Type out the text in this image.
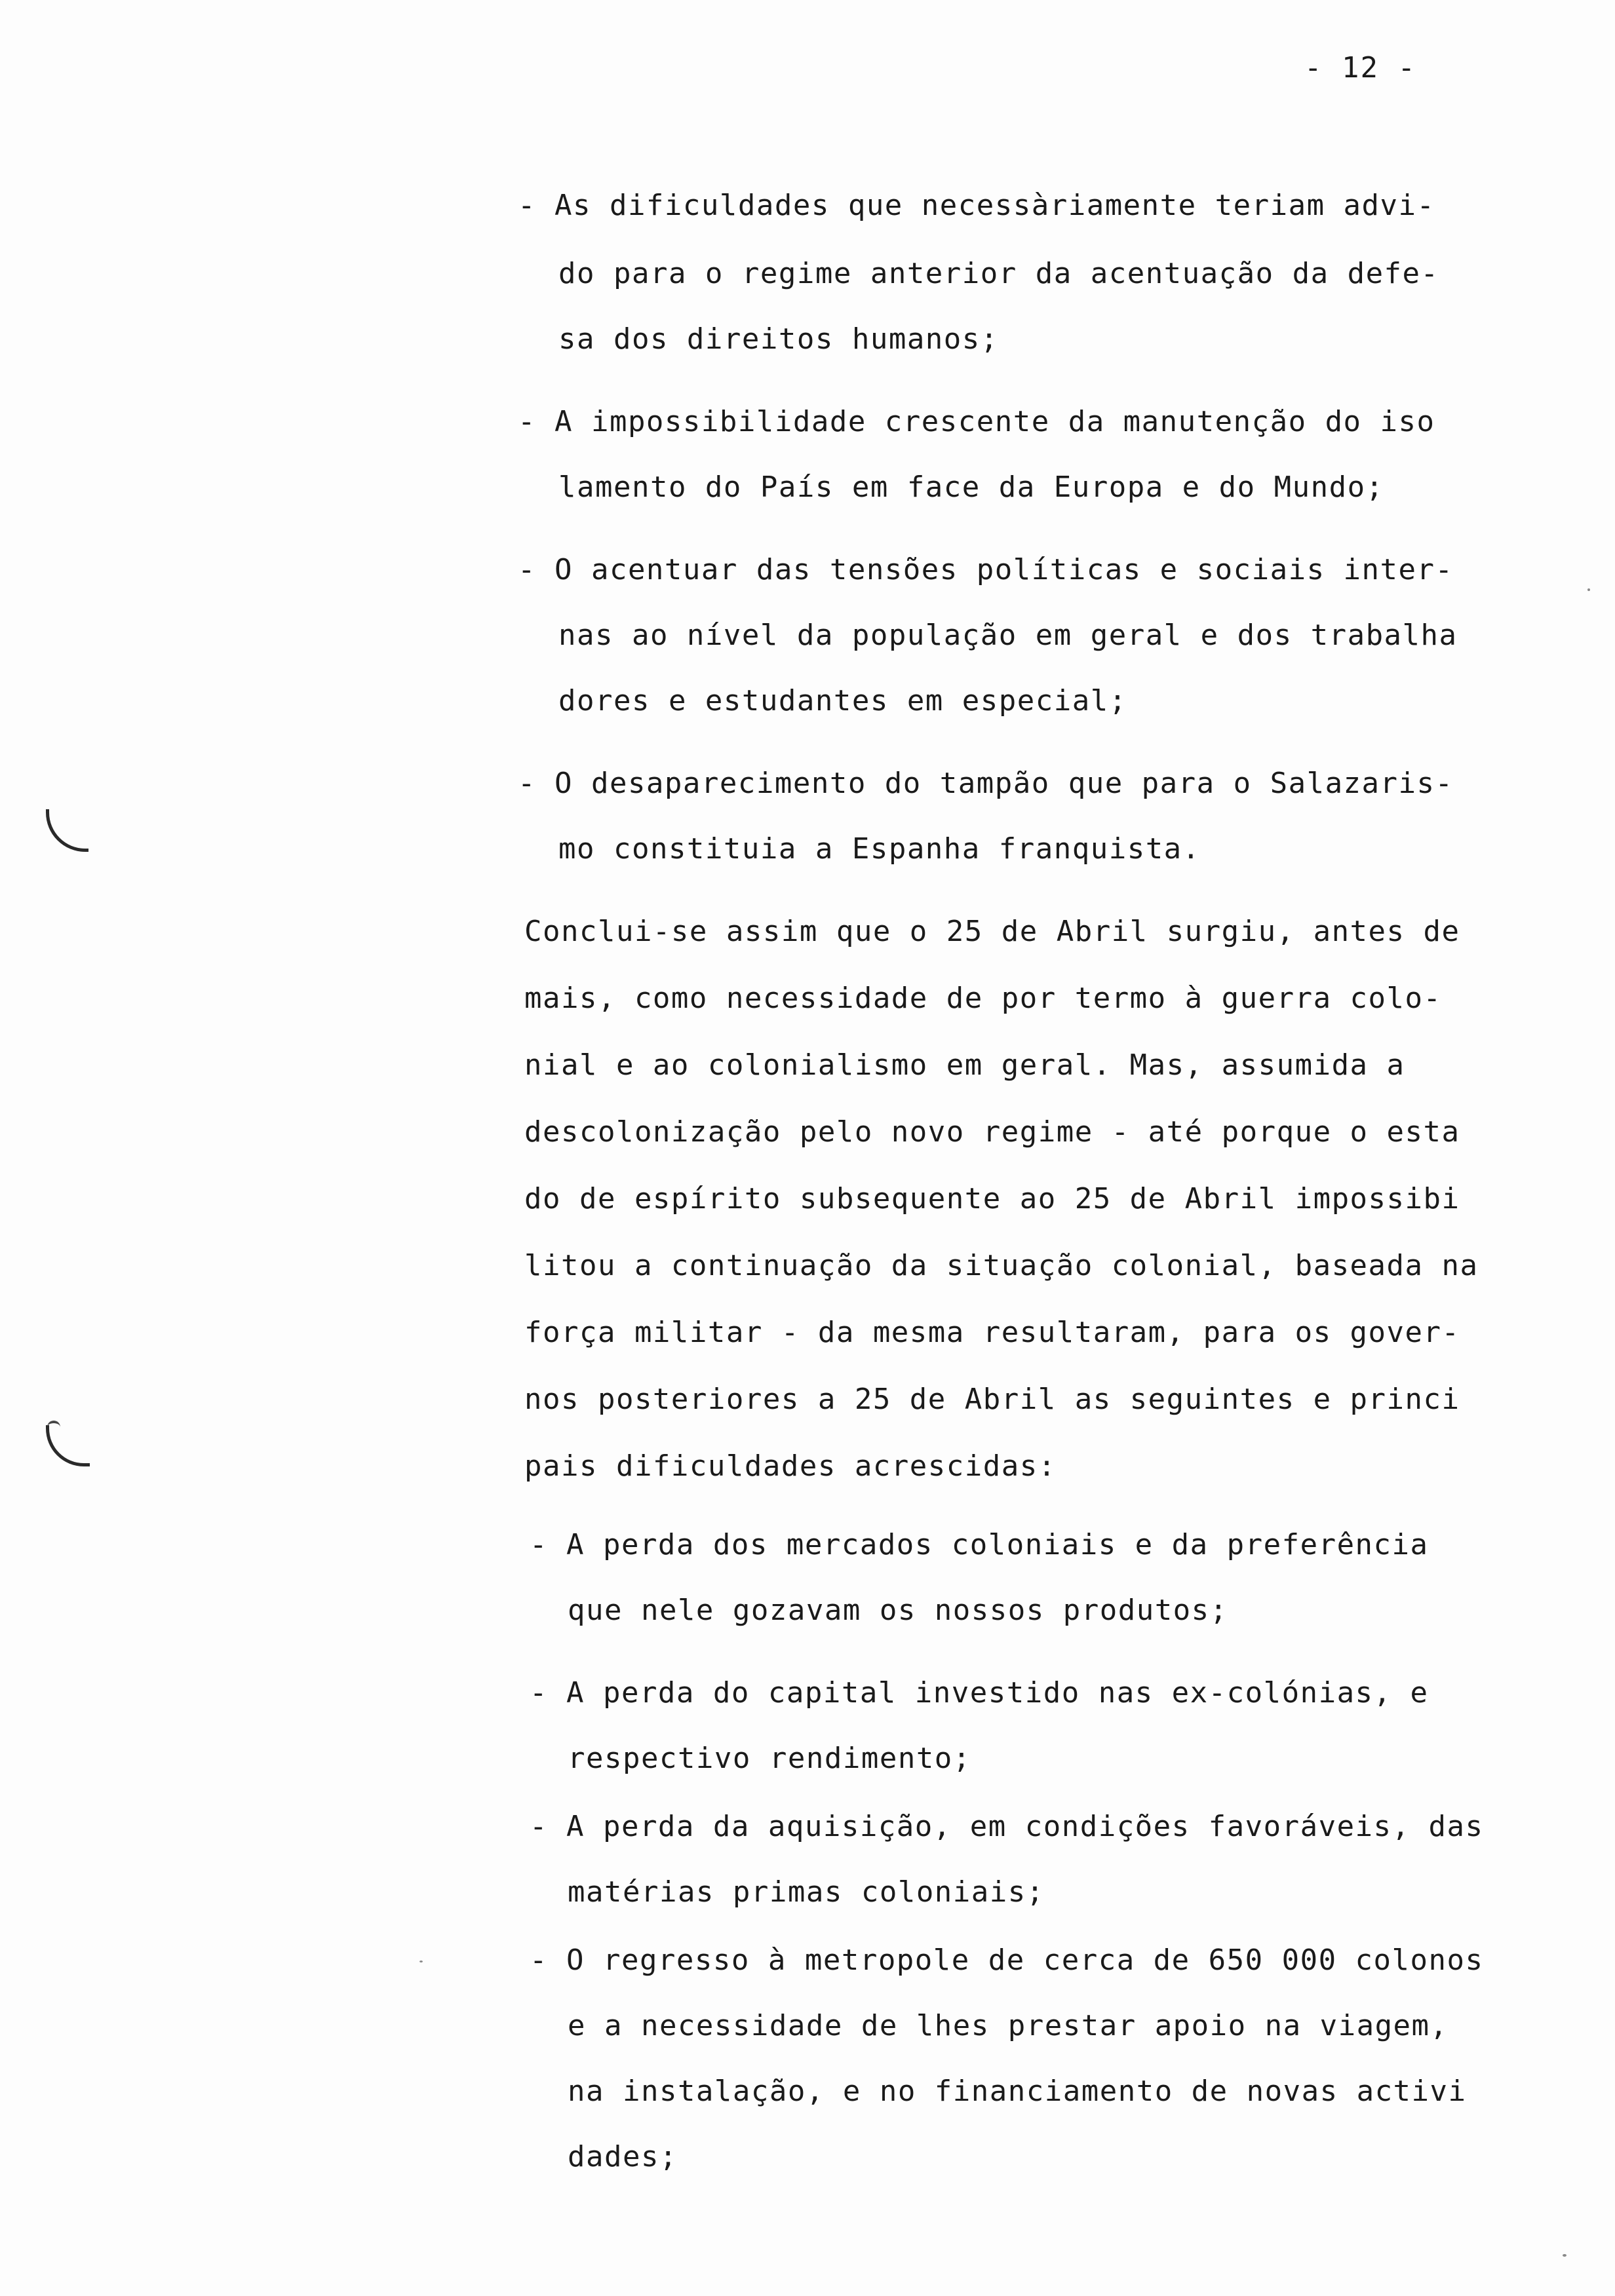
- 12 -
- As dificuldades que necessàriamente teriam advi-
do para o regime anterior da acentuação da defe-
sa dos direitos humanos;
- A impossibilidade crescente da manutenção do iso
lamento do País em face da Europa e do Mundo;
- O acentuar das tensões políticas e sociais inter-
nas ao nível da população em geral e dos trabalha
dores e estudantes em especial;
- O desaparecimento do tampão que para o Salazaris-
mo constituia a Espanha franquista.
Conclui-se assim que o 25 de Abril surgiu, antes de
mais, como necessidade de por termo à guerra colo-
nial e ao colonialismo em geral. Mas, assumida a
descolonização pelo novo regime - até porque o esta
do de espírito subsequente ao 25 de Abril impossibi
litou a continuação da situação colonial, baseada na
força militar - da mesma resultaram, para os gover-
nos posteriores a 25 de Abril as seguintes e princi
pais dificuldades acrescidas:
- A perda dos mercados coloniais e da preferência
que nele gozavam os nossos produtos;
- A perda do capital investido nas ex-colónias, e
respectivo rendimento;
- A perda da aquisição, em condições favoráveis, das
matérias primas coloniais;
- O regresso à metropole de cerca de 650 000 colonos
e a necessidade de lhes prestar apoio na viagem,
na instalação, e no financiamento de novas activi
dades;
